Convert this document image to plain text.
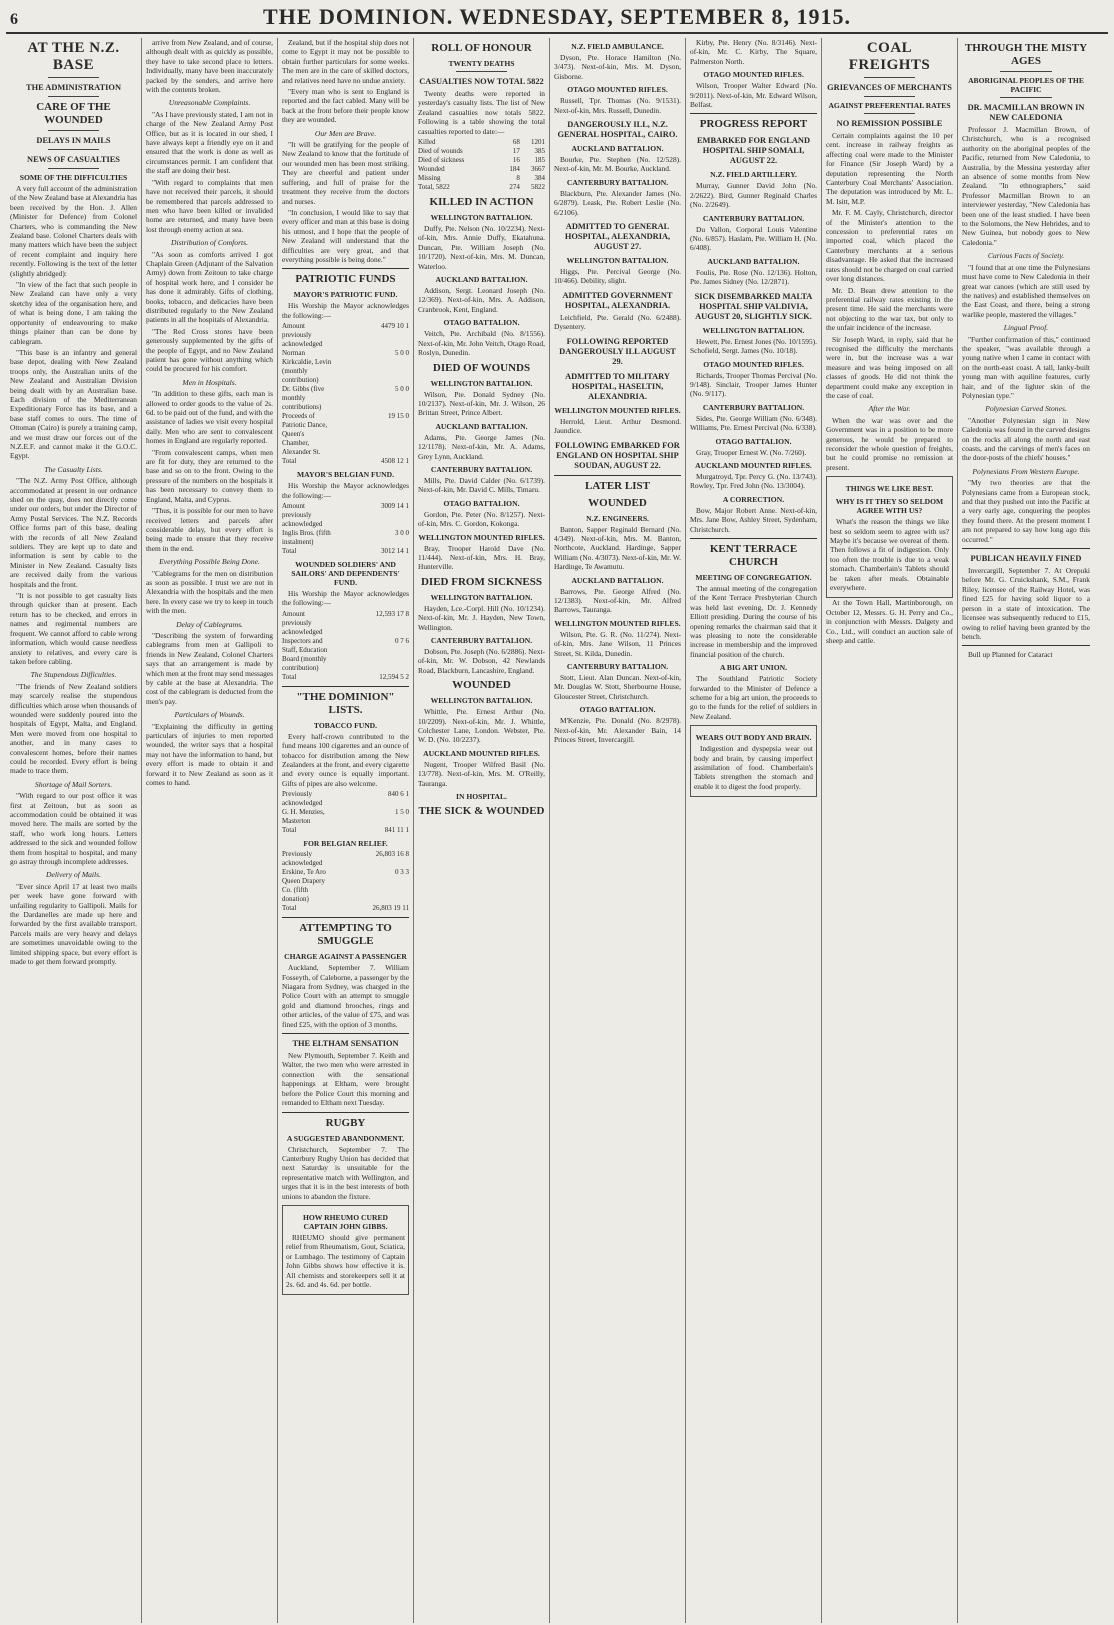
6	THE DOMINION. WEDNESDAY, SEPTEMBER 8, 1915.
AT THE N.Z. BASE
THE ADMINISTRATION
CARE OF THE WOUNDED
DELAYS IN MAILS
NEWS OF CASUALTIES
SOME OF THE DIFFICULTIES

A very full account of the administration of the New Zealand base at Alexandria has been received by the Hon. J. Allen (Minister for Defence) from Colonel Charters, who is commanding the New Zealand base. Colonel Charters deals with many matters which have been the subject of recent complaint and inquiry here recently. Following is the text of the letter (slightly abridged):

"In view of the fact that such people in New Zealand can have only a very sketchy idea of the organisation here, and of what is being done, I am taking the opportunity of endeavouring to make things plainer than can be done by cablegram.

"This base is an infantry and general base depot, dealing with New Zealand troops only, the Australian units of the New Zealand and Australian Division being dealt with by an Australian base. Each division of the Mediterranean Expeditionary Force has its base, and a base staff comes to ours. The time of Ottoman (Cairo) is purely a training camp, and we must draw our forces out of the N.Z.E.F. and cannot make it the G.O.C. Egypt.

The Casualty Lists.

"The N.Z. Army Post Office, although accommodated at present in our ordnance shed on the quay, does not directly come under our orders, but under the Director of Army Postal Services. The N.Z. Records Office forms part of this base, dealing with the records of all New Zealand soldiers. They are kept up to date and information is sent by cable to the Minister in New Zealand. Casualty lists are received daily from the various hospitals and the front.

"It is not possible to get casualty lists through quicker than at present. Each return has to be checked, and errors in names and regimental numbers are frequent. We cannot afford to cable wrong information, which would cause needless anxiety to relatives, and every care is taken before cabling.

The Stupendous Difficulties.

"The friends of New Zealand soldiers may scarcely realise the stupendous difficulties which arose when thousands of wounded were suddenly poured into the hospitals of Egypt, Malta, and England. Men were moved from one hospital to another, and in many cases to convalescent homes, before their names could be recorded. Every effort is being made to trace them.

Shortage of Mail Sorters.

"With regard to our post office it was first at Zeitoun, but as soon as accommodation could be obtained it was moved here. The mails are sorted by the staff, who work long hours. Letters addressed to the sick and wounded follow them from hospital to hospital, and many go astray through incomplete addresses.

Delivery of Mails.

"Ever since April 17 at least two mails per week have gone forward with unfailing regularity to Gallipoli. Mails for the Dardanelles are made up here and forwarded by the first available transport. Parcels mails are very heavy and delays are sometimes unavoidable owing to the limited shipping space, but every effort is made to get them forward promptly.

arrive from New Zealand, and of course, although dealt with as quickly as possible, they have to take second place to letters. Individually, many have been inaccurately packed by the senders, and arrive here with the contents broken.

Unreasonable Complaints.

"As I have previously stated, I am not in charge of the New Zealand Army Post Office, but as it is located in our shed, I have always kept a friendly eye on it and ensured that the work is done as well as circumstances permit. I am confident that the staff are doing their best.

"With regard to complaints that men have not received their parcels, it should be remembered that parcels addressed to men who have been killed or invalided home are returned, and many have been lost through enemy action at sea.

Distribution of Comforts.

"As soon as comforts arrived I got Chaplain Green (Adjutant of the Salvation Army) down from Zeitoun to take charge of hospital work here, and I consider he has done it admirably. Gifts of clothing, books, tobacco, and delicacies have been distributed regularly to the New Zealand patients in all the hospitals of Alexandria.

"The Red Cross stores have been generously supplemented by the gifts of the people of Egypt, and no New Zealand patient has gone without anything which could be procured for his comfort.

Men in Hospitals.

"In addition to these gifts, each man is allowed to order goods to the value of 2s. 6d. to be paid out of the fund, and with the assistance of ladies we visit every hospital daily. Men who are sent to convalescent homes in England are regularly reported.

"From convalescent camps, when men are fit for duty, they are returned to the base and so on to the front. Owing to the pressure of the numbers on the hospitals it has been necessary to convey them to England, Malta, and Cyprus.

"Thus, it is possible for our men to have received letters and parcels after considerable delay, but every effort is being made to ensure that they receive them in the end.

Everything Possible Being Done.

"Cablegrams for the men on distribution as soon as possible. I trust we are not in Alexandria with the hospitals and the men here. In every case we try to keep in touch with the men.

Delay of Cablegrams.

"Describing the system of forwarding cablegrams from men at Gallipoli to friends in New Zealand, Colonel Charters says that an arrangement is made by which men at the front may send messages by cable at the base at Alexandria. The cost of the cablegram is deducted from the men's pay.

Particulars of Wounds.

"Explaining the difficulty in getting particulars of injuries to men reported wounded, the writer says that a hospital may not have the information to hand, but every effort is made to obtain it and forward it to New Zealand as soon as it comes to hand.

Zealand, but if the hospital ship does not come to Egypt it may not be possible to obtain further particulars for some weeks. The men are in the care of skilled doctors, and relatives need have no undue anxiety.

"Every man who is sent to England is reported and the fact cabled. Many will be back at the front before their people know they are wounded.

Our Men are Brave.

"It will be gratifying for the people of New Zealand to know that the fortitude of our wounded men has been most striking. They are cheerful and patient under suffering, and full of praise for the treatment they receive from the doctors and nurses.

"In conclusion, I would like to say that every officer and man at this base is doing his utmost, and I hope that the people of New Zealand will understand that the difficulties are very great, and that everything possible is being done."

PATRIOTIC FUNDS
MAYOR'S PATRIOTIC FUND.

His Worship the Mayor acknowledges the following:—

Amount previously acknowledged	4479 10 1
Norman Kirkcaldie, Levin (monthly contribution)	5 0 0
Dr. Gibbs (five monthly contributions)	5 0 0
Proceeds of Patriotic Dance, Queen's Chamber, Alexander St.	19 15 0
Total	4508 12 1
MAYOR'S BELGIAN FUND.

His Worship the Mayor acknowledges the following:—

Amount previously acknowledged	3009 14 1
Inglis Bros. (fifth instalment)	3 0 0
Total	3012 14 1
WOUNDED SOLDIERS' AND SAILORS' AND DEPENDENTS' FUND.

His Worship the Mayor acknowledges the following:—

Amount previously acknowledged	12,593 17 8
Inspectors and Staff, Education Board (monthly contribution)	0 7 6
Total	12,594 5 2
"THE DOMINION" LISTS.
TOBACCO FUND.

Every half-crown contributed to the fund means 100 cigarettes and an ounce of tobacco for distribution among the New Zealanders at the front, and every cigarette and every ounce is equally important. Gifts of pipes are also welcome.

Previously acknowledged	840 6 1
G. H. Menzies, Masterton	1 5 0
Total	841 11 1
FOR BELGIAN RELIEF.
Previously acknowledged	26,803 16 8
Erskine, Te Aro Queen Drapery Co. (fifth donation)	0 3 3
Total	26,803 19 11
ATTEMPTING TO SMUGGLE
CHARGE AGAINST A PASSENGER

Auckland, September 7. William Fosseyth, of Caleborne, a passenger by the Niagara from Sydney, was charged in the Police Court with an attempt to smuggle gold and diamond brooches, rings and other articles, of the value of £75, and was fined £25, with the option of 3 months.

THE ELTHAM SENSATION

New Plymouth, September 7. Keith and Walter, the two men who were arrested in connection with the sensational happenings at Eltham, were brought before the Police Court this morning and remanded to Eltham next Tuesday.

RUGBY
A SUGGESTED ABANDONMENT.

Christchurch, September 7. The Canterbury Rugby Union has decided that next Saturday is unsuitable for the representative match with Wellington, and urges that it is in the best interests of both unions to abandon the fixture.

HOW RHEUMO CURED CAPTAIN JOHN GIBBS.

RHEUMO should give permanent relief from Rheumatism, Gout, Sciatica, or Lumbago. The testimony of Captain John Gibbs shows how effective it is. All chemists and storekeepers sell it at 2s. 6d. and 4s. 6d. per bottle.

ROLL OF HONOUR
TWENTY DEATHS
CASUALTIES NOW TOTAL 5822

Twenty deaths were reported in yesterday's casualty lists. The list of New Zealand casualties now totals 5822. Following is a table showing the total casualties reported to date:—

Killed	68	1201
Died of wounds	17	385
Died of sickness	16	185
Wounded	184	3667
Missing	8	384
Total, 5822	274	5822
KILLED IN ACTION
WELLINGTON BATTALION.

Duffy, Pte. Nelson (No. 10/2234). Next-of-kin, Mrs. Annie Duffy, Ekatahuna. Duncan, Pte. William Joseph (No. 10/1720). Next-of-kin, Mrs. M. Duncan, Waterloo.

AUCKLAND BATTALION.

Addison, Sergt. Leonard Joseph (No. 12/369). Next-of-kin, Mrs. A. Addison, Cranbrook, Kent, England.

OTAGO BATTALION.

Veitch, Pte. Archibald (No. 8/1556). Next-of-kin, Mr. John Veitch, Otago Road, Roslyn, Dunedin.

DIED OF WOUNDS
WELLINGTON BATTALION.

Wilson, Pte. Donald Sydney (No. 10/2137). Next-of-kin, Mr. J. Wilson, 26 Brittan Street, Prince Albert.

AUCKLAND BATTALION.

Adams, Pte. George James (No. 12/1178). Next-of-kin, Mr. A. Adams, Grey Lynn, Auckland.

CANTERBURY BATTALION.

Mills, Pte. David Calder (No. 6/1739). Next-of-kin, Mr. David C. Mills, Timaru.

OTAGO BATTALION.

Gordon, Pte. Peter (No. 8/1257). Next-of-kin, Mrs. C. Gordon, Kokonga.

WELLINGTON MOUNTED RIFLES.

Bray, Trooper Harold Dave (No. 11/444). Next-of-kin, Mrs. H. Bray, Hunterville.

DIED FROM SICKNESS
WELLINGTON BATTALION.

Hayden, Lce.-Corpl. Hill (No. 10/1234). Next-of-kin, Mr. J. Hayden, New Town, Wellington.

CANTERBURY BATTALION.

Dobson, Pte. Joseph (No. 6/2886). Next-of-kin, Mr. W. Dobson, 42 Newlands Road, Blackburn, Lancashire, England.

WOUNDED
WELLINGTON BATTALION.

Whittle, Pte. Ernest Arthur (No. 10/2209). Next-of-kin, Mr. J. Whittle, Colchester Lane, London. Webster, Pte. W. D. (No. 10/2237).

AUCKLAND MOUNTED RIFLES.

Nugent, Trooper Wilfred Basil (No. 13/778). Next-of-kin, Mrs. M. O'Reilly, Tauranga.

IN HOSPITAL.
THE SICK & WOUNDED
N.Z. FIELD AMBULANCE.

Dyson, Pte. Horace Hamilton (No. 3/473). Next-of-kin, Mrs. M. Dyson, Gisborne.

OTAGO MOUNTED RIFLES.

Russell, Tpr. Thomas (No. 9/1531). Next-of-kin, Mrs. Russell, Dunedin.

DANGEROUSLY ILL, N.Z. GENERAL HOSPITAL, CAIRO.
AUCKLAND BATTALION.

Bourke, Pte. Stephen (No. 12/528). Next-of-kin, Mr. M. Bourke, Auckland.

CANTERBURY BATTALION.

Blackburn, Pte. Alexander James (No. 6/2879). Leask, Pte. Robert Leslie (No. 6/2106).

ADMITTED TO GENERAL HOSPITAL, ALEXANDRIA, AUGUST 27.
WELLINGTON BATTALION.

Higgs, Pte. Percival George (No. 10/466). Debility, slight.

ADMITTED GOVERNMENT HOSPITAL, ALEXANDRIA.

Leichfield, Pte. Gerald (No. 6/2488). Dysentery.

FOLLOWING REPORTED DANGEROUSLY ILL AUGUST 29.
ADMITTED TO MILITARY HOSPITAL, HASELTIN, ALEXANDRIA.
WELLINGTON MOUNTED RIFLES.

Herrold, Lieut. Arthur Desmond. Jaundice.

FOLLOWING EMBARKED FOR ENGLAND ON HOSPITAL SHIP SOUDAN, AUGUST 22.
LATER LIST
WOUNDED
N.Z. ENGINEERS.

Banton, Sapper Reginald Bernard (No. 4/349). Next-of-kin, Mrs. M. Banton, Northcote, Auckland. Hardinge, Sapper William (No. 4/3073). Next-of-kin, Mr. W. Hardinge, Te Awamutu.

AUCKLAND BATTALION.

Barrows, Pte. George Alfred (No. 12/1383). Next-of-kin, Mr. Alfred Barrows, Tauranga.

WELLINGTON MOUNTED RIFLES.

Wilson, Pte. G. R. (No. 11/274). Next-of-kin, Mrs. Jane Wilson, 11 Princes Street, St. Kilda, Dunedin.

CANTERBURY BATTALION.

Stott, Lieut. Alan Duncan. Next-of-kin, Mr. Douglas W. Stott, Sherbourne House, Gloucester Street, Christchurch.

OTAGO BATTALION.

M'Kenzie, Pte. Donald (No. 8/2978). Next-of-kin, Mr. Alexander Bain, 14 Princes Street, Invercargill.

Kirby, Pte. Henry (No. 8/3146). Next-of-kin, Mr. C. Kirby, The Square, Palmerston North.

OTAGO MOUNTED RIFLES.

Wilson, Trooper Walter Edward (No. 9/2011). Next-of-kin, Mr. Edward Wilson, Belfast.

PROGRESS REPORT
EMBARKED FOR ENGLAND HOSPITAL SHIP SOMALI, AUGUST 22.
N.Z. FIELD ARTILLERY.

Murray, Gunner David John (No. 2/2622). Bird, Gunner Reginald Charles (No. 2/2649).

CANTERBURY BATTALION.

Du Vallon, Corporal Louis Valentine (No. 6/857). Haslam, Pte. William H. (No. 6/408).

AUCKLAND BATTALION.

Foulis, Pte. Rose (No. 12/136). Holton, Pte. James Sidney (No. 12/2871).

SICK DISEMBARKED MALTA HOSPITAL SHIP VALDIVIA, AUGUST 20, SLIGHTLY SICK.
WELLINGTON BATTALION.

Hewett, Pte. Ernest Jones (No. 10/1595). Schofield, Sergt. James (No. 10/18).

OTAGO MOUNTED RIFLES.

Richards, Trooper Thomas Percival (No. 9/148). Sinclair, Trooper James Hunter (No. 9/117).

CANTERBURY BATTALION.

Sides, Pte. George William (No. 6/348). Williams, Pte. Ernest Percival (No. 6/338).

OTAGO BATTALION.

Gray, Trooper Ernest W. (No. 7/260).

AUCKLAND MOUNTED RIFLES.

Murgatroyd, Tpr. Percy G. (No. 13/743). Rowley, Tpr. Fred John (No. 13/3004).

A CORRECTION.

Bow, Major Robert Anne. Next-of-kin, Mrs. Jane Bow, Ashley Street, Sydenham, Christchurch.

KENT TERRACE CHURCH
MEETING OF CONGREGATION.

The annual meeting of the congregation of the Kent Terrace Presbyterian Church was held last evening, Dr. J. Kennedy Elliott presiding. During the course of his opening remarks the chairman said that it was pleasing to note the considerable increase in membership and the improved financial position of the church.

A BIG ART UNION.

The Southland Patriotic Society forwarded to the Minister of Defence a scheme for a big art union, the proceeds to go to the funds for the relief of soldiers in New Zealand.

WEARS OUT BODY AND BRAIN.

Indigestion and dyspepsia wear out body and brain, by causing imperfect assimilation of food. Chamberlain's Tablets strengthen the stomach and enable it to digest the food properly.

COAL FREIGHTS
GRIEVANCES OF MERCHANTS
AGAINST PREFERENTIAL RATES
NO REMISSION POSSIBLE

Certain complaints against the 10 per cent. increase in railway freights as affecting coal were made to the Minister for Finance (Sir Joseph Ward) by a deputation representing the North Canterbury Coal Merchants' Association. The deputation was introduced by Mr. L. M. Isitt, M.P.

Mr. F. M. Cayly, Christchurch, director of the Minister's attention to the concession to preferential rates on imported coal, which placed the Canterbury merchants at a serious disadvantage. He asked that the increased rates should not be charged on coal carried over long distances.

Mr. D. Bean drew attention to the preferential railway rates existing in the present time. He said the merchants were not objecting to the war tax, but only to the unfair incidence of the increase.

Sir Joseph Ward, in reply, said that he recognised the difficulty the merchants were in, but the increase was a war measure and was being imposed on all classes of goods. He did not think the department could make any exception in the case of coal.

After the War.

When the war was over and the Government was in a position to be more generous, he would be prepared to reconsider the whole question of freights, but he could promise no remission at present.

THINGS WE LIKE BEST.
WHY IS IT THEY SO SELDOM AGREE WITH US?

What's the reason the things we like best so seldom seem to agree with us? Maybe it's because we overeat of them. Then follows a fit of indigestion. Only too often the trouble is due to a weak stomach. Chamberlain's Tablets should be taken after meals. Obtainable everywhere.

At the Town Hall, Martinborough, on October 12, Messrs. G. H. Perry and Co., in conjunction with Messrs. Dalgety and Co., Ltd., will conduct an auction sale of sheep and cattle.

THROUGH THE MISTY AGES
ABORIGINAL PEOPLES OF THE PACIFIC
DR. MACMILLAN BROWN IN NEW CALEDONIA

Professor J. Macmillan Brown, of Christchurch, who is a recognised authority on the aboriginal peoples of the Pacific, returned from New Caledonia, to Australia, by the Messina yesterday after an absence of some months from New Zealand. "In ethnographers," said Professor Macmillan Brown to an interviewer yesterday, "New Caledonia has been one of the least studied. I have been to the Solomons, the New Hebrides, and to New Guinea, but nobody goes to New Caledonia."

Curious Facts of Society.

"I found that at one time the Polynesians must have come to New Caledonia in their great war canoes (which are still used by the natives) and established themselves on the East Coast, and there, being a strong warlike people, mastered the villages."

Lingual Proof.

"Further confirmation of this," continued the speaker, "was available through a young native when I came in contact with on the north-east coast. A tall, lanky-built young man with aquiline features, curly hair, and of the lighter skin of the Polynesian type."

Polynesian Carved Stones.

"Another Polynesian sign in New Caledonia was found in the carved designs on the rocks all along the north and east coasts, and the carvings of men's faces on the door-posts of the chiefs' houses."

Polynesians From Western Europe.

"My two theories are that the Polynesians came from a European stock, and that they pushed out into the Pacific at a very early age, conquering the peoples they found there. At the present moment I am not prepared to say how long ago this occurred."

PUBLICAN HEAVILY FINED

Invercargill, September 7. At Orepuki before Mr. G. Cruickshank, S.M., Frank Riley, licensee of the Railway Hotel, was fined £25 for having sold liquor to a person in a state of intoxication. The licensee was subsequently reduced to £15, owing to relief having been granted by the bench.

Bull up Planned for Cataract
